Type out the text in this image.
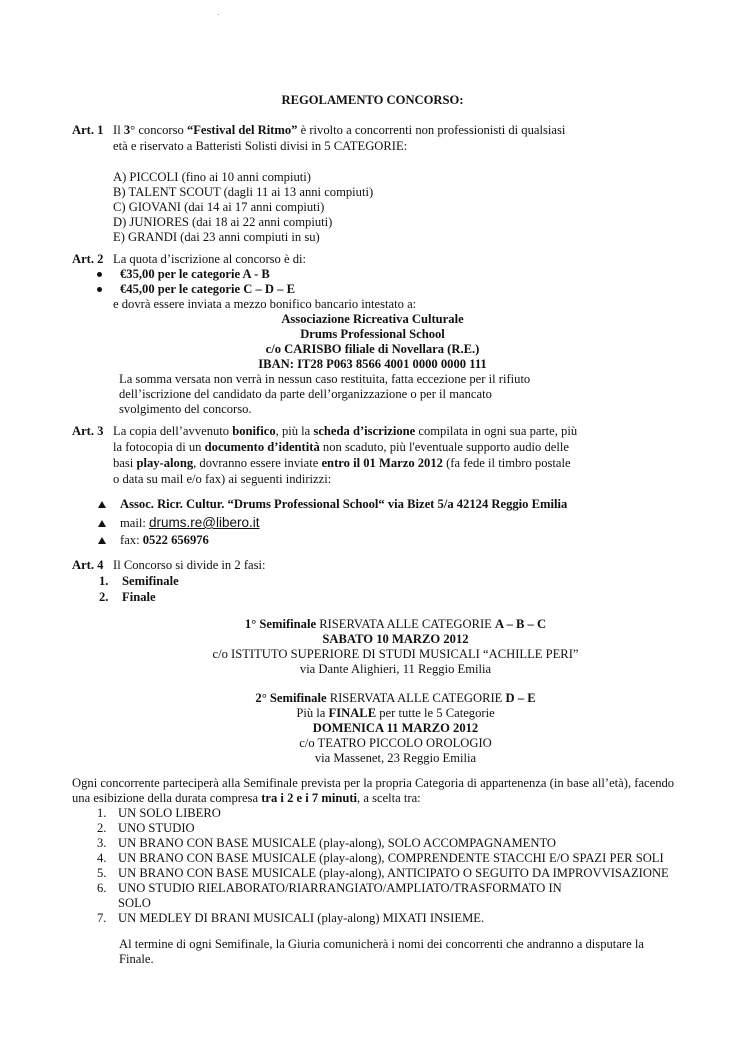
REGOLAMENTO CONCORSO:
Art. 1 Il 3° concorso “Festival del Ritmo” è rivolto a concorrenti non professionisti di qualsiasi
età e riservato a Batteristi Solisti divisi in 5 CATEGORIE:
A) PICCOLI (fino ai 10 anni compiuti)
B) TALENT SCOUT (dagli 11 ai 13 anni compiuti)
C) GIOVANI (dai 14 ai 17 anni compiuti)
D) JUNIORES (dai 18 ai 22 anni compiuti)
E) GRANDI (dai 23 anni compiuti in su)
Art. 2 La quota d’iscrizione al concorso è di:
€35,00 per le categorie A - B
€45,00 per le categorie C – D – E
e dovrà essere inviata a mezzo bonifico bancario intestato a:
Associazione Ricreativa Culturale
Drums Professional School
c/o CARISBO filiale di Novellara (R.E.)
IBAN: IT28 P063 8566 4001 0000 0000 111
La somma versata non verrà in nessun caso restituita, fatta eccezione per il rifiuto
dell’iscrizione del candidato da parte dell’organizzazione o per il mancato
svolgimento del concorso.
Art. 3 La copia dell’avvenuto bonifico, più la scheda d’iscrizione compilata in ogni sua parte, più
la fotocopia di un documento d’identità non scaduto, più l'eventuale supporto audio delle
basi play-along, dovranno essere inviate entro il 01 Marzo 2012 (fa fede il timbro postale
o data su mail e/o fax) ai seguenti indirizzi:
Assoc. Ricr. Cultur. “Drums Professional School“ via Bizet 5/a 42124 Reggio Emilia
mail: drums.re@libero.it
fax: 0522 656976
Art. 4 Il Concorso si divide in 2 fasi:
1. Semifinale
2. Finale
1° Semifinale RISERVATA ALLE CATEGORIE A – B – C
SABATO 10 MARZO 2012
c/o ISTITUTO SUPERIORE DI STUDI MUSICALI “ACHILLE PERI”
via Dante Alighieri, 11 Reggio Emilia
2° Semifinale RISERVATA ALLE CATEGORIE D – E
Più la FINALE per tutte le 5 Categorie
DOMENICA 11 MARZO 2012
c/o TEATRO PICCOLO OROLOGIO
via Massenet, 23 Reggio Emilia
Ogni concorrente parteciperà alla Semifinale prevista per la propria Categoria di appartenenza (in base all’età), facendo
una esibizione della durata compresa tra i 2 e i 7 minuti, a scelta tra:
1. UN SOLO LIBERO
2. UNO STUDIO
3. UN BRANO CON BASE MUSICALE (play-along), SOLO ACCOMPAGNAMENTO
4. UN BRANO CON BASE MUSICALE (play-along), COMPRENDENTE STACCHI E/O SPAZI PER SOLI
5. UN BRANO CON BASE MUSICALE (play-along), ANTICIPATO O SEGUITO DA IMPROVVISAZIONE
6. UNO STUDIO RIELABORATO/RIARRANGIATO/AMPLIATO/TRASFORMATO IN
SOLO
7. UN MEDLEY DI BRANI MUSICALI (play-along) MIXATI INSIEME.
Al termine di ogni Semifinale, la Giuria comunicherà i nomi dei concorrenti che andranno a disputare la
Finale.
